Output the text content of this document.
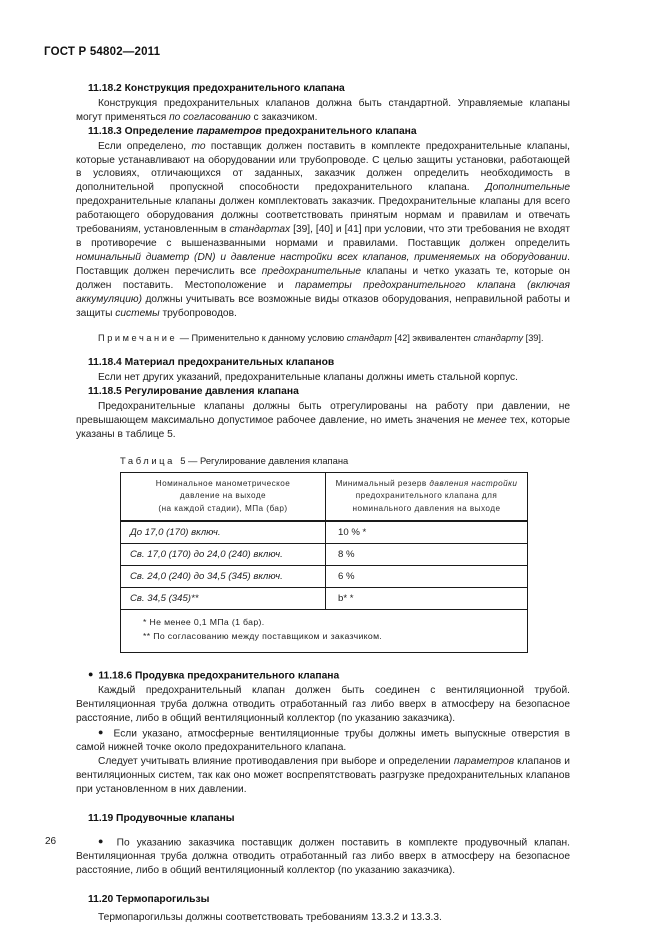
ГОСТ Р 54802—2011
11.18.2 Конструкция предохранительного клапана

Конструкция предохранительных клапанов должна быть стандартной. Управляемые клапаны могут применяться по согласованию с заказчиком.

11.18.3 Определение параметров предохранительного клапана

Если определено, то поставщик должен поставить в комплекте предохранительные клапаны, которые устанавливают на оборудовании или трубопроводе. С целью защиты установки, работающей в условиях, отличающихся от заданных, заказчик должен определить необходимость в дополнительной пропускной способности предохранительного клапана. Дополнительные предохранительные клапаны должен комплектовать заказчик. Предохранительные клапаны для всего работающего оборудования должны соответствовать принятым нормам и правилам и отвечать требованиям, установленным в стандартах [39], [40] и [41] при условии, что эти требования не входят в противоречие с вышеназванными нормами и правилами. Поставщик должен определить номинальный диаметр (DN) и давление настройки всех клапанов, применяемых на оборудовании. Поставщик должен перечислить все предохранительные клапаны и четко указать те, которые он должен поставить. Местоположение и параметры предохранительного клапана (включая аккумуляцию) должны учитывать все возможные виды отказов оборудования, неправильной работы и защиты системы трубопроводов.

Примечание — Применительно к данному условию стандарт [42] эквивалентен стандарту [39].

11.18.4 Материал предохранительных клапанов

Если нет других указаний, предохранительные клапаны должны иметь стальной корпус.

11.18.5 Регулирование давления клапана

Предохранительные клапаны должны быть отрегулированы на работу при давлении, не превышающем максимально допустимое рабочее давление, но иметь значения не менее тех, которые указаны в таблице 5.

Таблица 5 — Регулирование давления клапана
Номинальное манометрическое
давление на выходе
(на каждой стадии), МПа (бар)	Минимальный резерв давления настройки
предохранительного клапана для
номинального давления на выходе
До 17,0 (170) включ.	10 % *
Св. 17,0 (170) до 24,0 (240) включ.	8 %
Св. 24,0 (240) до 34,5 (345) включ.	6 %
Св. 34,5 (345)**	b* *

* Не менее 0,1 МПа (1 бар).
** По согласованию между поставщиком и заказчиком.	
● 11.18.6 Продувка предохранительного клапана

Каждый предохранительный клапан должен быть соединен с вентиляционной трубой. Вентиляционная труба должна отводить отработанный газ либо вверх в атмосферу на безопасное расстояние, либо в общий вентиляционный коллектор (по указанию заказчика).

● Если указано, атмосферные вентиляционные трубы должны иметь выпускные отверстия в самой нижней точке около предохранительного клапана.

Следует учитывать влияние противодавления при выборе и определении параметров клапанов и вентиляционных систем, так как оно может воспрепятствовать разгрузке предохранительных клапанов при установленном в них давлении.

11.19 Продувочные клапаны

● По указанию заказчика поставщик должен поставить в комплекте продувочный клапан. Вентиляционная труба должна отводить отработанный газ либо вверх в атмосферу на безопасное расстояние, либо в общий вентиляционный коллектор (по указанию заказчика).

11.20 Термопарогильзы

Термопарогильзы должны соответствовать требованиям 13.3.2 и 13.3.3.

26
